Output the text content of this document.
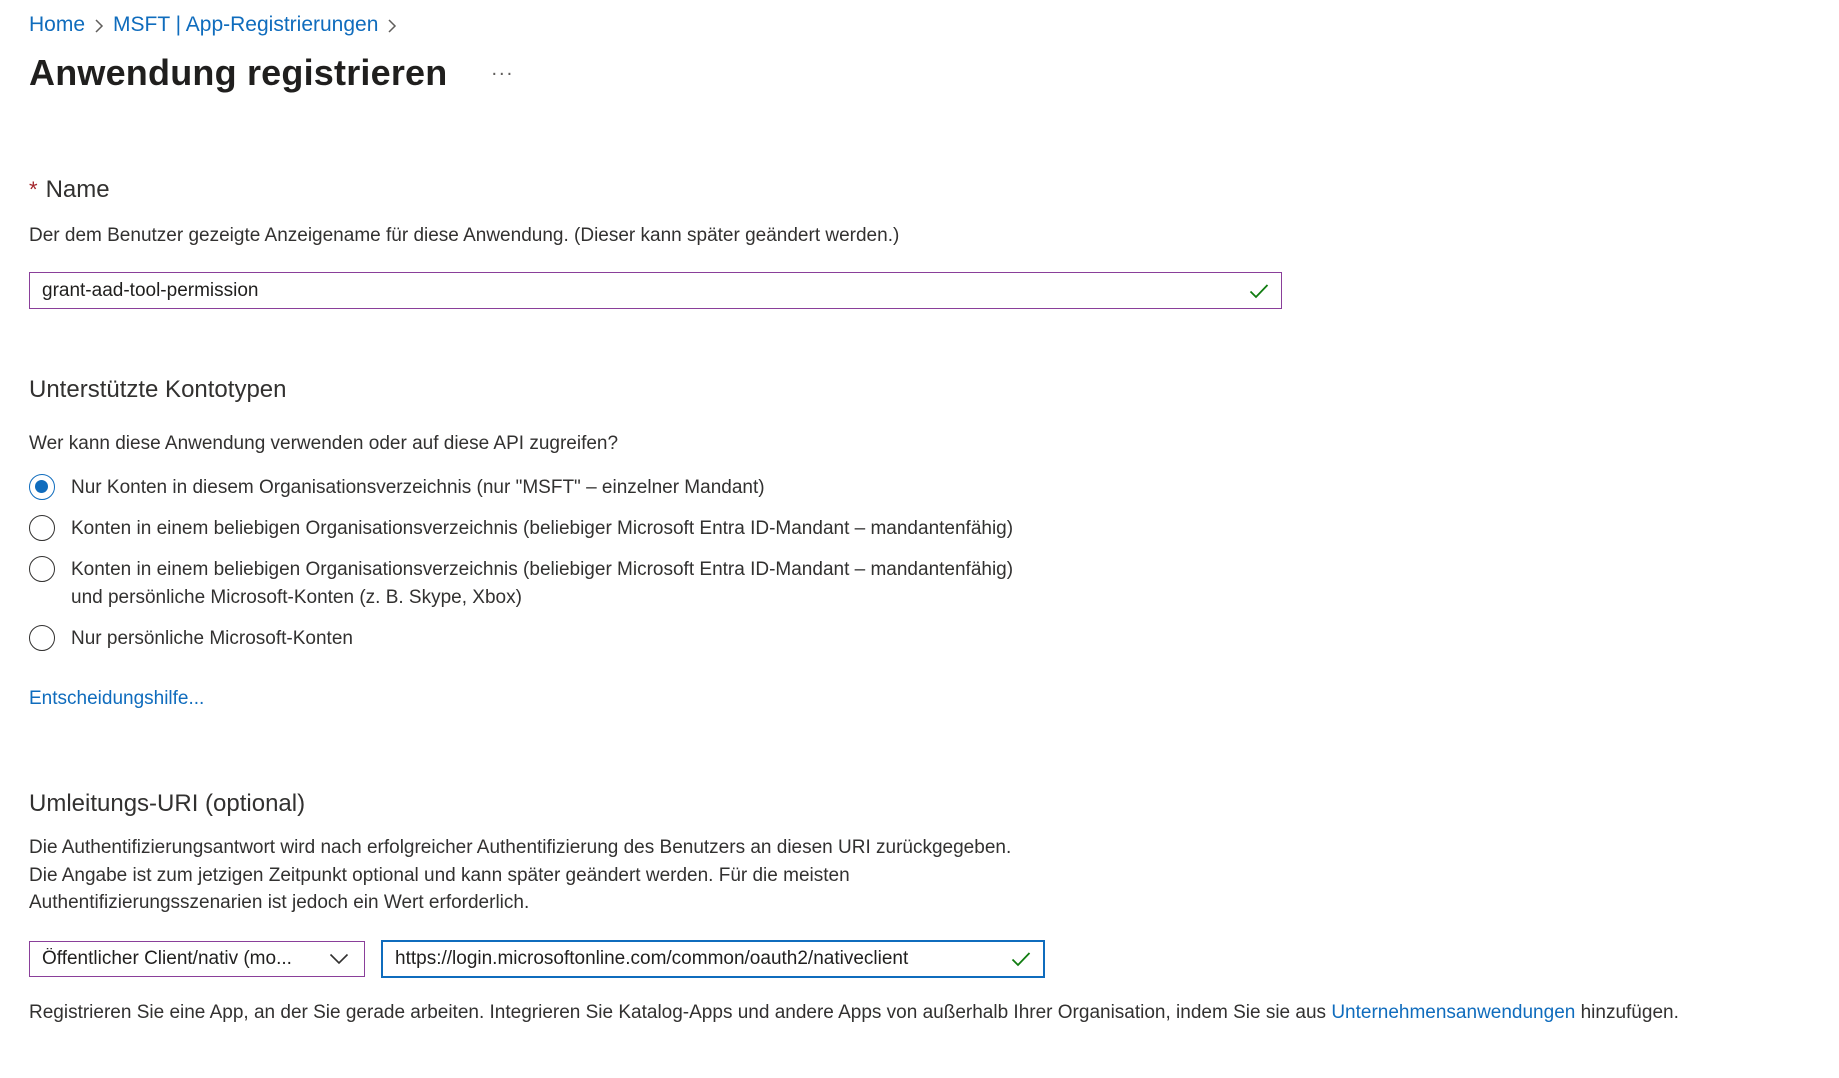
Home MSFT | App-Registrierungen
Anwendung registrieren ...
* Name

Der dem Benutzer gezeigte Anzeigename für diese Anwendung. (Dieser kann später geändert werden.)

grant-aad-tool-permission
Unterstützte Kontotypen

Wer kann diese Anwendung verwenden oder auf diese API zugreifen?

Nur Konten in diesem Organisationsverzeichnis (nur "MSFT" – einzelner Mandant)
Konten in einem beliebigen Organisationsverzeichnis (beliebiger Microsoft Entra ID-Mandant – mandantenfähig)
Konten in einem beliebigen Organisationsverzeichnis (beliebiger Microsoft Entra ID-Mandant – mandantenfähig)
und persönliche Microsoft-Konten (z. B. Skype, Xbox)
Nur persönliche Microsoft-Konten
Entscheidungshilfe...
Umleitungs-URI (optional)

Die Authentifizierungsantwort wird nach erfolgreicher Authentifizierung des Benutzers an diesen URI zurückgegeben.

Die Angabe ist zum jetzigen Zeitpunkt optional und kann später geändert werden. Für die meisten

Authentifizierungsszenarien ist jedoch ein Wert erforderlich.

Öffentlicher Client/nativ (mo...
https://login.microsoftonline.com/common/oauth2/nativeclient

Registrieren Sie eine App, an der Sie gerade arbeiten. Integrieren Sie Katalog-Apps und andere Apps von außerhalb Ihrer Organisation, indem Sie sie aus Unternehmensanwendungen hinzufügen.
